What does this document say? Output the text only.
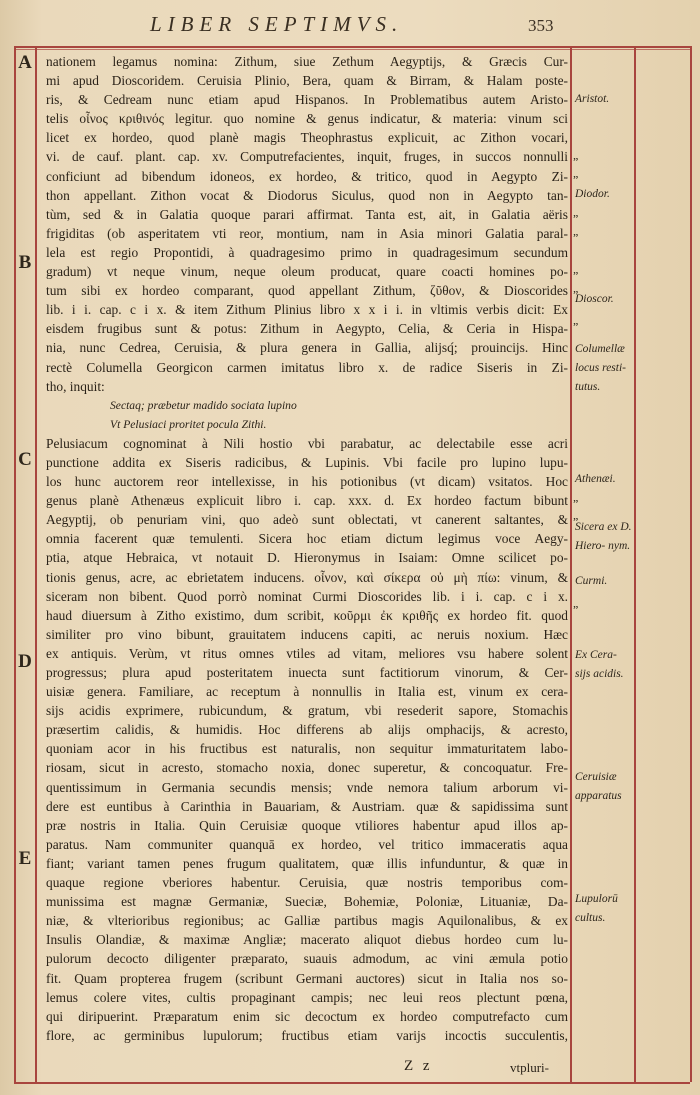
LIBER SEPTIMVS.	353
A
B
C
D
E
nationem legamus nomina: Zithum, siue Zethum Aegyptijs, & Græcis Cur-
mi apud Dioscoridem. Ceruisia Plinio, Bera, quam & Birram, & Halam poste-
ris, & Cedream nunc etiam apud Hispanos. In Problematibus autem Aristo-
telis οἶνος κριθινός legitur. quo nomine & genus indicatur, & materia: vinum sci
licet ex hordeo, quod planè magis Theophrastus explicuit, ac Zithon vocari,
vi. de cauf. plant. cap. xv. Computrefacientes, inquit, fruges, in succos nonnulli
conficiunt ad bibendum idoneos, ex hordeo, & tritico, quod in Aegypto Zi-
thon appellant. Zithon vocat & Diodorus Siculus, quod non in Aegypto tan-
tùm, sed & in Galatia quoque parari affirmat. Tanta est, ait, in Galatia aëris
frigiditas (ob asperitatem vti reor, montium, nam in Asia minori Galatia paral-
lela est regio Propontidi, à quadragesimo primo in quadragesimum secundum
gradum) vt neque vinum, neque oleum producat, quare coacti homines po-
tum sibi ex hordeo comparant, quod appellant Zithum, ζῦθον, & Dioscorides
lib. i i. cap. c i x. & item Zithum Plinius libro x x i i. in vltimis verbis dicit: Ex
eisdem frugibus sunt & potus: Zithum in Aegypto, Celia, & Ceria in Hispa-
nia, nunc Cedrea, Ceruisia, & plura genera in Gallia, alijsq́; prouincijs. Hinc
rectè Columella Georgicon carmen imitatus libro x. de radice Siseris in Zi-
tho, inquit:
Sectaq; præbetur madido sociata lupino
Vt Pelusiaci proritet pocula Zithi.
Pelusiacum cognominat à Nili hostio vbi parabatur, ac delectabile esse acri
punctione addita ex Siseris radicibus, & Lupinis. Vbi facile pro lupino lupu-
los hunc auctorem reor intellexisse, in his potionibus (vt dicam) vsitatos. Hoc
genus planè Athenæus explicuit libro i. cap. xxx. d. Ex hordeo factum bibunt
Aegyptij, ob penuriam vini, quo adeò sunt oblectati, vt canerent saltantes, &
omnia facerent quæ temulenti. Sicera hoc etiam dictum legimus voce Aegy-
ptia, atque Hebraica, vt notauit D. Hieronymus in Isaiam: Omne scilicet po-
tionis genus, acre, ac ebrietatem inducens. οἶνον, καὶ σίκερα οὐ μὴ πίω: vinum, &
siceram non bibent. Quod porrò nominat Curmi Dioscorides lib. i i. cap. c i x.
haud diuersum à Zitho existimo, dum scribit, κοῦρμι ἐκ κριθῆς ex hordeo fit. quod
similiter pro vino bibunt, grauitatem inducens capiti, ac neruis noxium. Hæc
ex antiquis. Verùm, vt ritus omnes vtiles ad vitam, meliores vsu habere solent
progressus; plura apud posteritatem inuecta sunt factitiorum vinorum, & Cer-
uisiæ genera. Familiare, ac receptum à nonnullis in Italia est, vinum ex cera-
sijs acidis exprimere, rubicundum, & gratum, vbi resederit sapore, Stomachis
præsertim calidis, & humidis. Hoc differens ab alijs omphacijs, & acresto,
quoniam acor in his fructibus est naturalis, non sequitur immaturitatem labo-
riosam, sicut in acresto, stomacho noxia, donec superetur, & concoquatur. Fre-
quentissimum in Germania secundis mensis; vnde nemora talium arborum vi-
dere est euntibus à Carinthia in Bauariam, & Austriam. quæ & sapidissima sunt
præ nostris in Italia. Quin Ceruisiæ quoque vtiliores habentur apud illos ap-
paratus. Nam communiter quanquā ex hordeo, vel tritico immaceratis aqua
fiant; variant tamen penes frugum qualitatem, quæ illis infunduntur, & quæ in
quaque regione vberiores habentur. Ceruisia, quæ nostris temporibus com-
munissima est magnæ Germaniæ, Sueciæ, Bohemiæ, Poloniæ, Lituaniæ, Da-
niæ, & vlterioribus regionibus; ac Galliæ partibus magis Aquilonalibus, & ex
Insulis Olandiæ, & maximæ Angliæ; macerato aliquot diebus hordeo cum lu-
pulorum decocto diligenter præparato, suauis admodum, ac vini æmula potio
fit. Quam propterea frugem (scribunt Germani auctores) sicut in Italia nos so-
lemus colere vites, cultis propaginant campis; nec leui reos plectunt pœna,
qui diripuerint. Præparatum enim sic decoctum ex hordeo computrefacto cum
flore, ac germinibus lupulorum; fructibus etiam varijs incoctis succulentis,
Aristot.
Diodor.
Dioscor.
Columellæ locus resti- tutus.
Athenæi.
Sicera ex D. Hiero- nym.
Curmi.
Ex Cera- sijs acidis.
Ceruisiæ apparatus
Lupulorū cultus.
„
„
„
„
„
„
„
„
„
„
Z z	vtpluri-
